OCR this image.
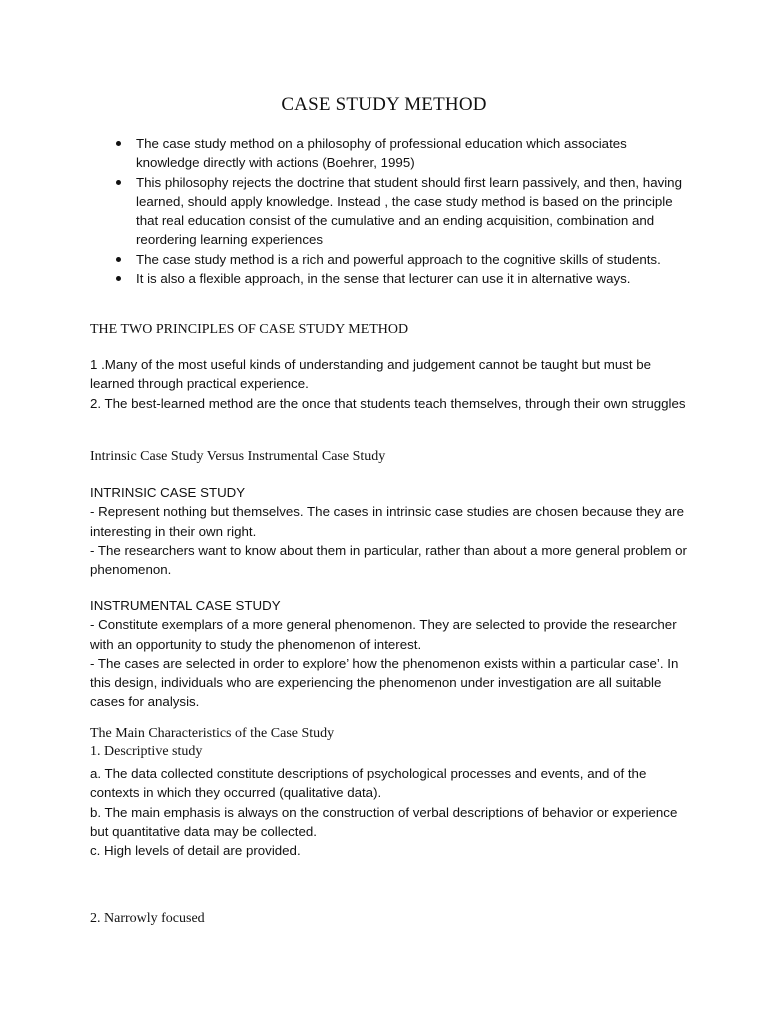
CASE STUDY METHOD
The case study method on a philosophy of professional education which associates knowledge directly with actions (Boehrer, 1995)
This philosophy rejects the doctrine that student should first learn passively, and then, having learned, should apply knowledge. Instead , the case study method is based on the principle that real education consist of the cumulative and an ending acquisition, combination and reordering learning experiences
The case study method is a rich and powerful approach to the cognitive skills of students.
It is also a flexible approach, in the sense that lecturer can use it in alternative ways.
THE TWO PRINCIPLES OF CASE STUDY METHOD
1 .Many of the most useful kinds of understanding and judgement cannot be taught but must be learned through practical experience.
2. The best-learned method are the once that students teach themselves, through their own struggles
Intrinsic Case Study Versus Instrumental Case Study
INTRINSIC CASE STUDY
- Represent nothing but themselves. The cases in intrinsic case studies are chosen because they are interesting in their own right.
- The researchers want to know about them in particular, rather than about a more general problem or phenomenon.
INSTRUMENTAL CASE STUDY
- Constitute exemplars of a more general phenomenon. They are selected to provide the researcher with an opportunity to study the phenomenon of interest.
- The cases are selected in order to explore’ how the phenomenon exists within a particular case’. In this design, individuals who are experiencing the phenomenon under investigation are all suitable cases for analysis.
The Main Characteristics of the Case Study
1. Descriptive study
a. The data collected constitute descriptions of psychological processes and events, and of the contexts in which they occurred (qualitative data).
b. The main emphasis is always on the construction of verbal descriptions of behavior or experience but quantitative data may be collected.
c. High levels of detail are provided.
2. Narrowly focused
